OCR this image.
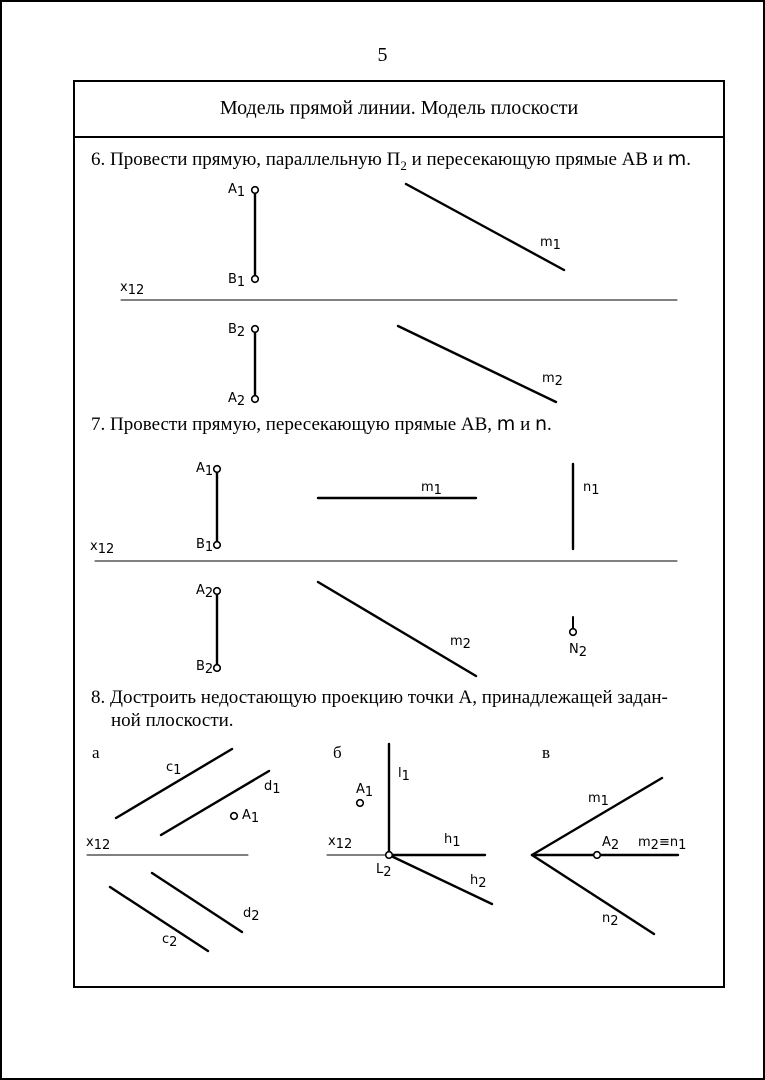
5
Модель прямой линии. Модель плоскости
6. Провести прямую, параллельную $П_2$ и пересекающую прямые АВ и m.
7. Провести прямую, пересекающую прямые АВ, m и n.
8. Достроить недостающую проекцию точки А, принадлежащей задан-
ной плоскости.
A1
B1
m1
x12
B2
A2
m2
A1
B1
m1	n1
x12
A2
B2
m2	N2
а	б	в
c1
d1
A1
x12
d2
c2
A1
l1
x12	h1
L2
h2
m1
A2 m2≡n1
n2
